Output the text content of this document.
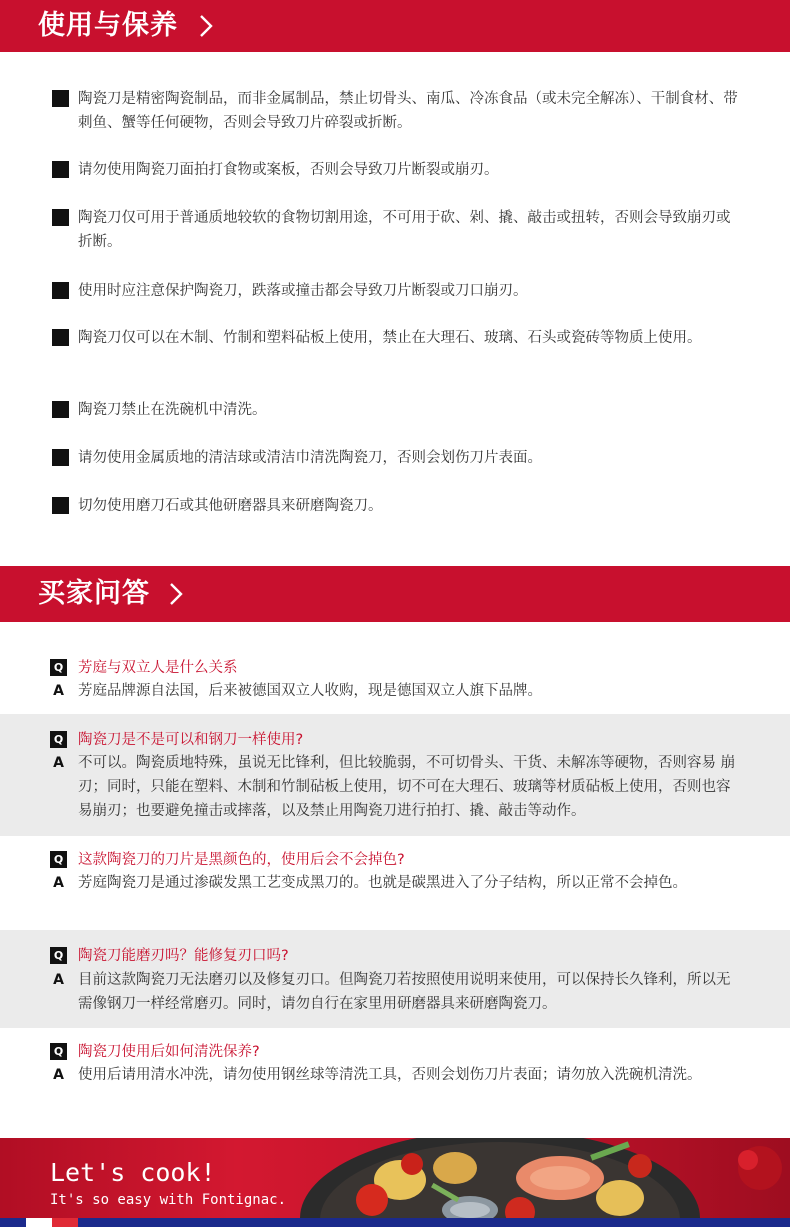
使用与保养
陶瓷刀是精密陶瓷制品，而非金属制品，禁止切骨头、南瓜、冷冻食品（或未完全解冻）、干制食材、带刺鱼、蟹等任何硬物，否则会导致刀片碎裂或折断。
请勿使用陶瓷刀面拍打食物或案板，否则会导致刀片断裂或崩刃。
陶瓷刀仅可用于普通质地较软的食物切割用途，不可用于砍、剁、撬、敲击或扭转，否则会导致崩刃或折断。
使用时应注意保护陶瓷刀，跌落或撞击都会导致刀片断裂或刀口崩刃。
陶瓷刀仅可以在木制、竹制和塑料砧板上使用，禁止在大理石、玻璃、石头或瓷砖等物质上使用。
陶瓷刀禁止在洗碗机中清洗。
请勿使用金属质地的清洁球或清洁巾清洗陶瓷刀，否则会划伤刀片表面。
切勿使用磨刀石或其他研磨器具来研磨陶瓷刀。
买家问答
Q 芳庭与双立人是什么关系
A 芳庭品牌源自法国，后来被德国双立人收购，现是德国双立人旗下品牌。
Q 陶瓷刀是不是可以和钢刀一样使用?
A 不可以。陶瓷质地特殊，虽说无比锋利，但比较脆弱，不可切骨头、干货、未解冻等硬物，否则容易 崩刃；同时，只能在塑料、木制和竹制砧板上使用，切不可在大理石、玻璃等材质砧板上使用，否则也容易崩刃；也要避免撞击或摔落，以及禁止用陶瓷刀进行拍打、撬、敲击等动作。
Q 这款陶瓷刀的刀片是黑颜色的，使用后会不会掉色?
A 芳庭陶瓷刀是通过渗碳发黑工艺变成黑刀的。也就是碳黑进入了分子结构，所以正常不会掉色。
Q 陶瓷刀能磨刃吗？能修复刃口吗?
A 目前这款陶瓷刀无法磨刃以及修复刃口。但陶瓷刀若按照使用说明来使用，可以保持长久锋利，所以无需像钢刀一样经常磨刃。同时，请勿自行在家里用研磨器具来研磨陶瓷刀。
Q 陶瓷刀使用后如何清洗保养?
A 使用后请用清水冲洗，请勿使用钢丝球等清洗工具，否则会划伤刀片表面；请勿放入洗碗机清洗。
Let's cook!
It's so easy with Fontignac.
